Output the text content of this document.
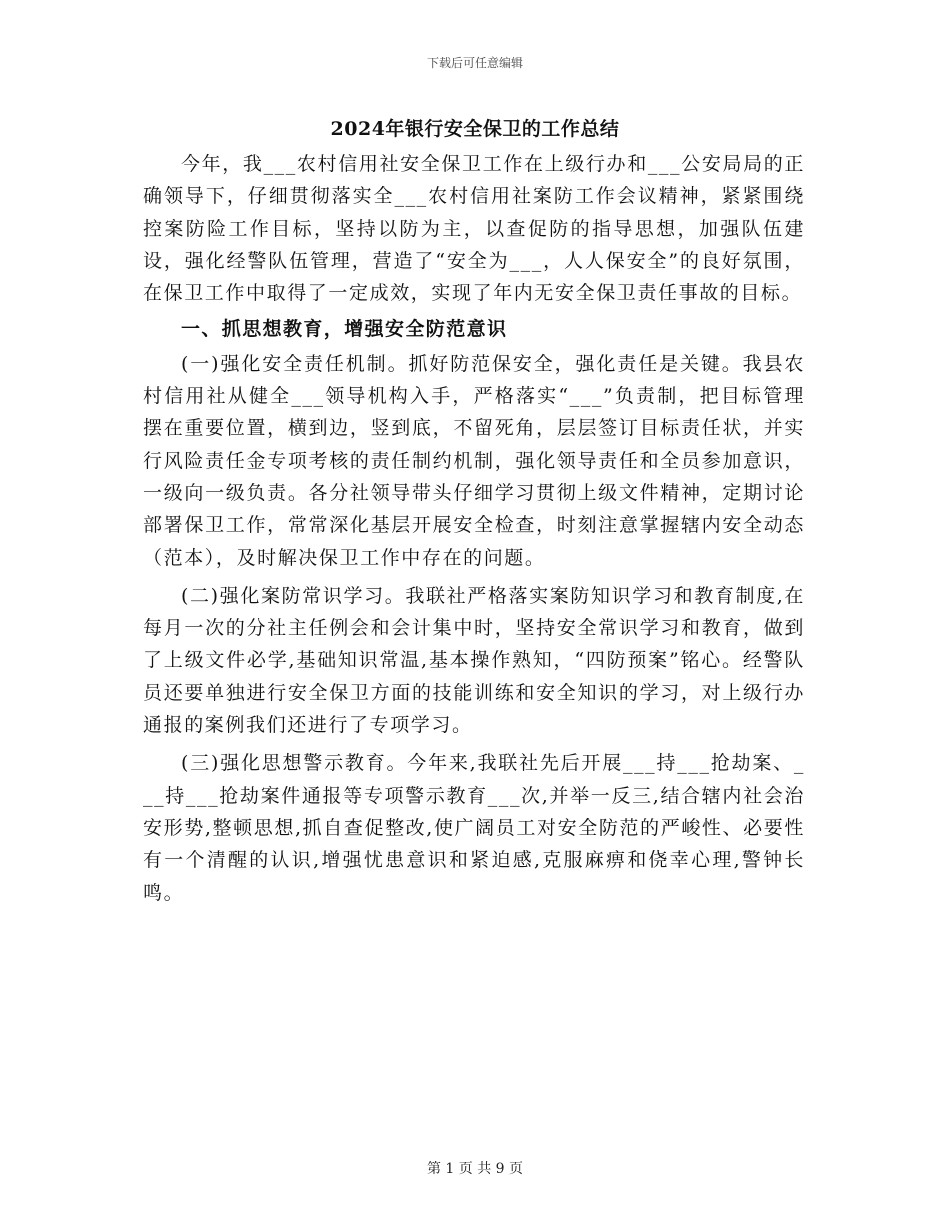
下载后可任意编辑
2024年银行安全保卫的工作总结

今年，我___农村信用社安全保卫工作在上级行办和___公安局局的正确领导下，仔细贯彻落实全___农村信用社案防工作会议精神，紧紧围绕控案防险工作目标，坚持以防为主，以查促防的指导思想，加强队伍建设，强化经警队伍管理，营造了“安全为___，人人保安全”的良好氛围，在保卫工作中取得了一定成效，实现了年内无安全保卫责任事故的目标。

一、抓思想教育，增强安全防范意识

(一)强化安全责任机制。抓好防范保安全，强化责任是关键。我县农村信用社从健全___领导机构入手，严格落实“___”负责制，把目标管理摆在重要位置，横到边，竖到底，不留死角，层层签订目标责任状，并实行风险责任金专项考核的责任制约机制，强化领导责任和全员参加意识，一级向一级负责。各分社领导带头仔细学习贯彻上级文件精神，定期讨论部署保卫工作，常常深化基层开展安全检查，时刻注意掌握辖内安全动态（范本），及时解决保卫工作中存在的问题。

(二)强化案防常识学习。我联社严格落实案防知识学习和教育制度,在每月一次的分社主任例会和会计集中时，坚持安全常识学习和教育，做到了上级文件必学,基础知识常温,基本操作熟知，“四防预案”铭心。经警队员还要单独进行安全保卫方面的技能训练和安全知识的学习，对上级行办通报的案例我们还进行了专项学习。

(三)强化思想警示教育。今年来,我联社先后开展___持___抢劫案、___持___抢劫案件通报等专项警示教育___次,并举一反三,结合辖内社会治安形势,整顿思想,抓自查促整改,使广阔员工对安全防范的严峻性、必要性有一个清醒的认识,增强忧患意识和紧迫感,克服麻痹和侥幸心理,警钟长鸣。

第 1 页 共 9 页
